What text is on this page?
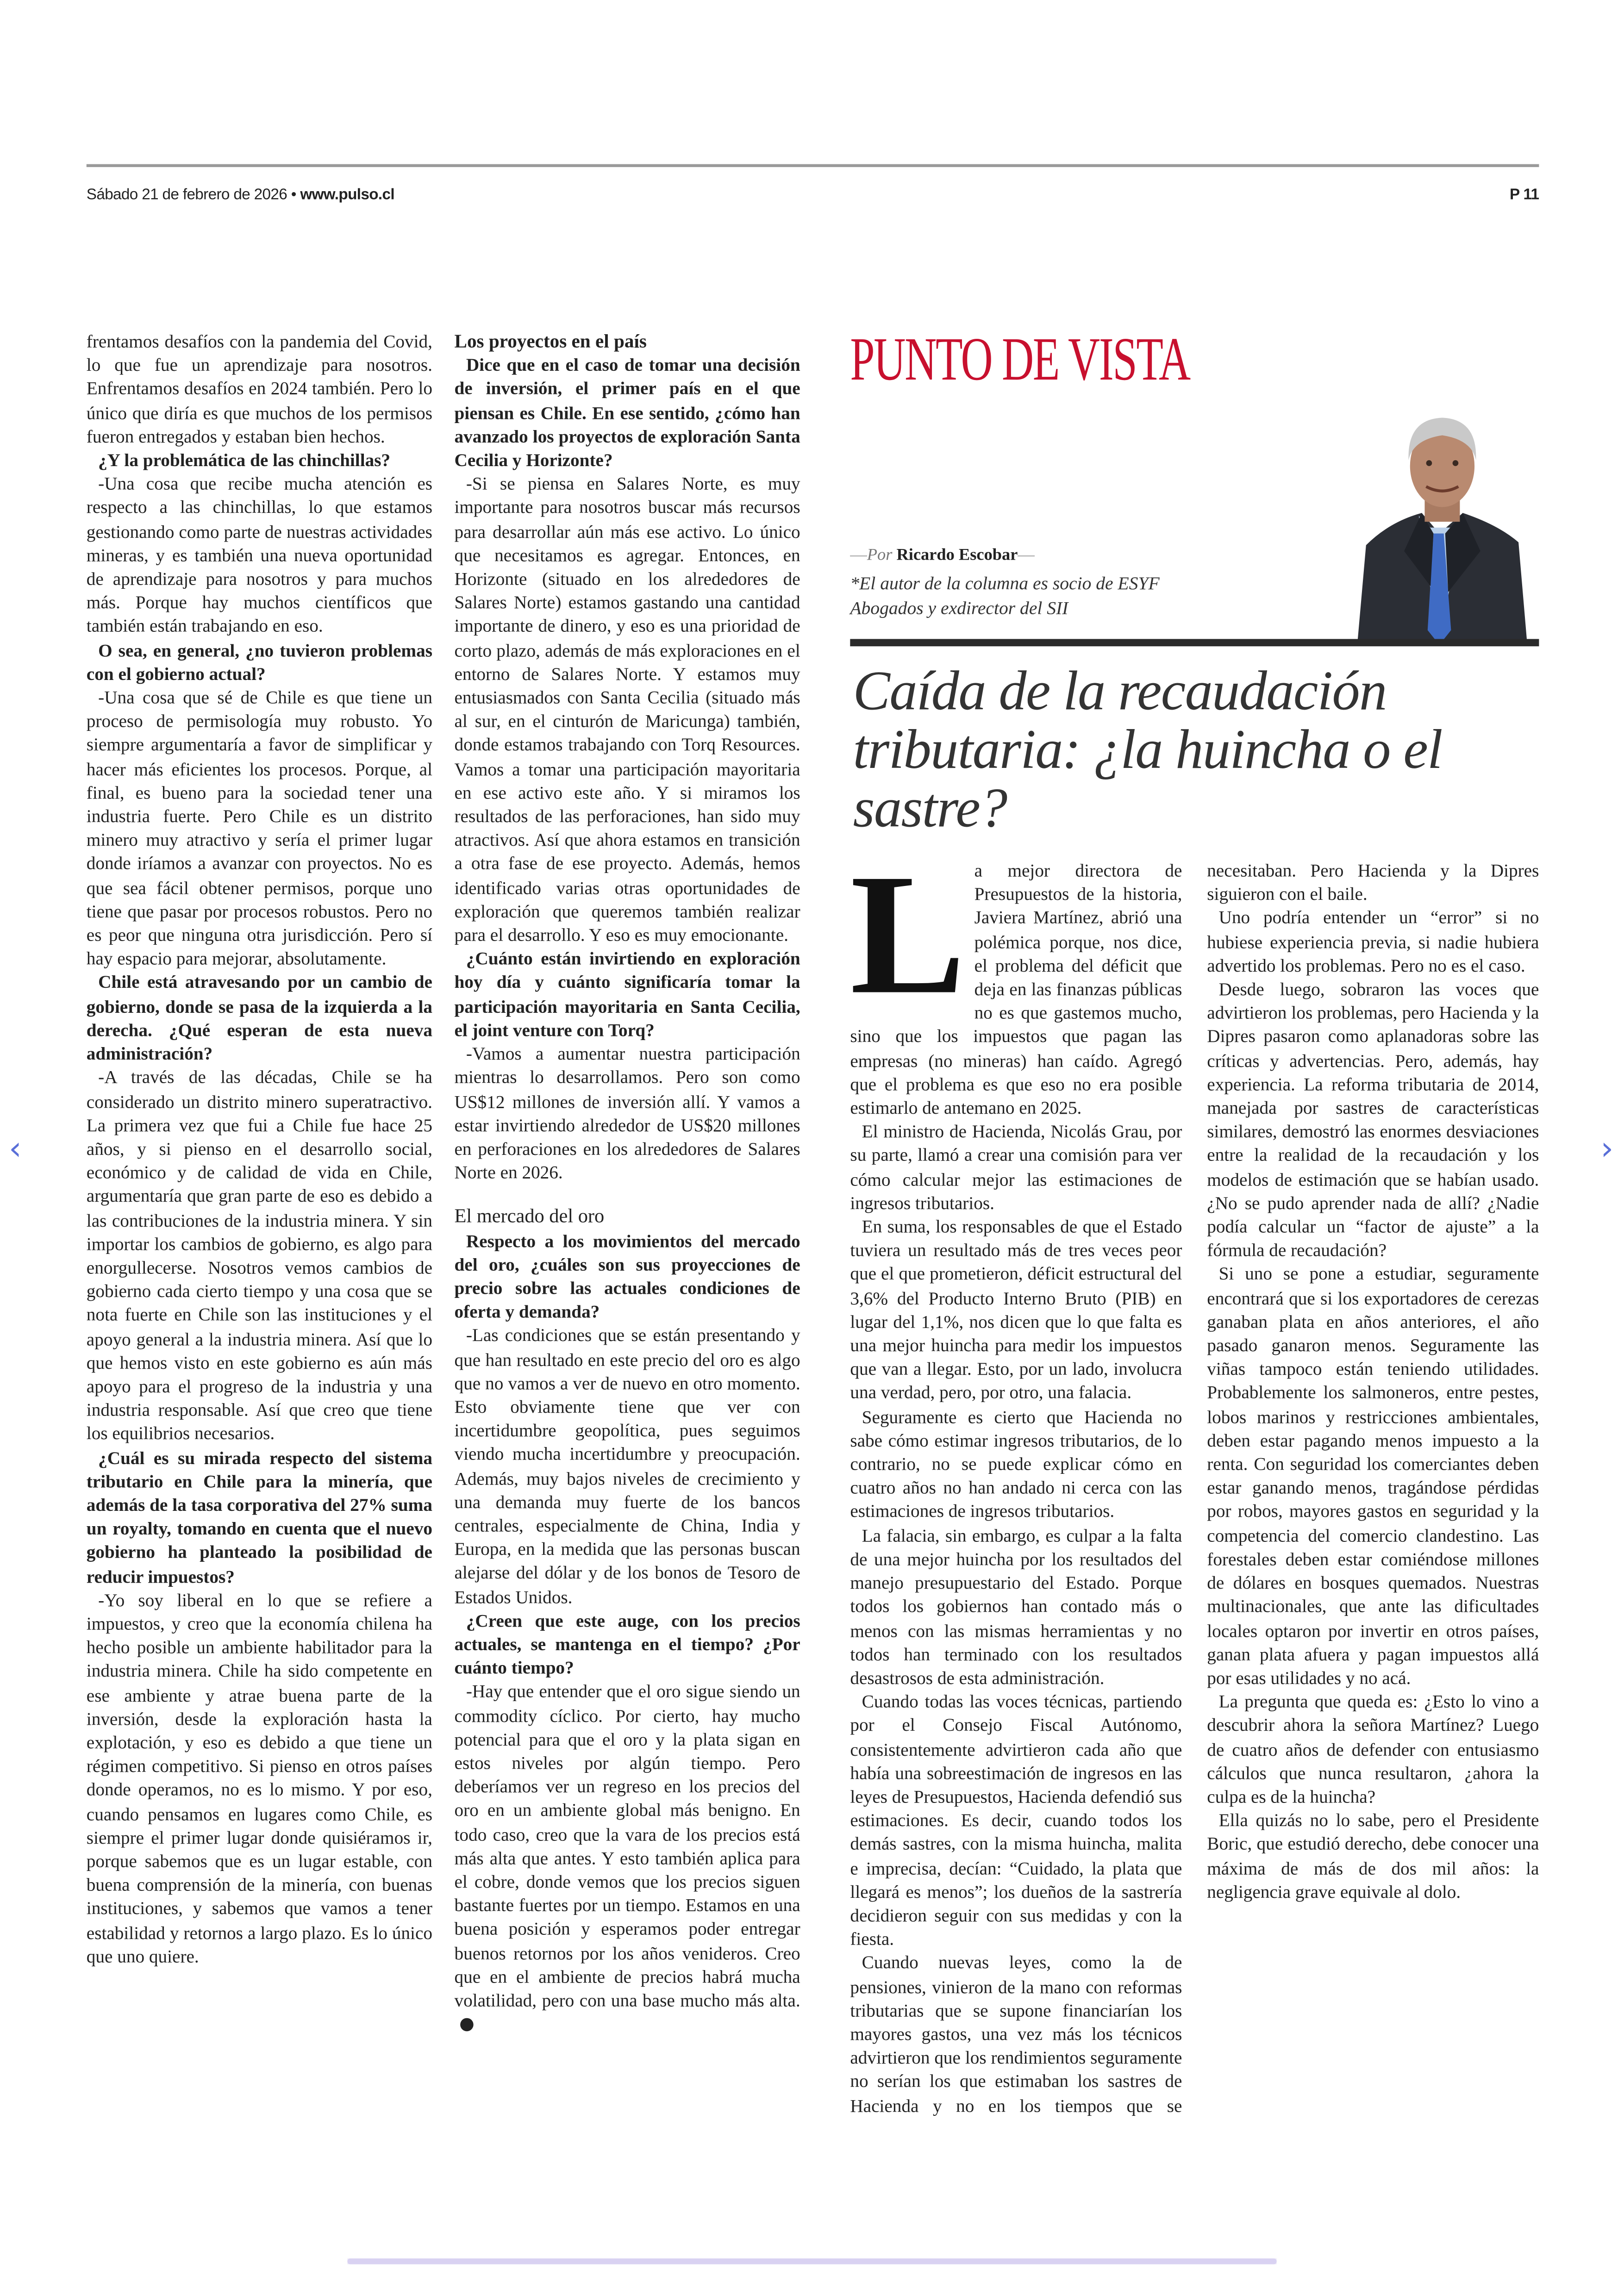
Sábado 21 de febrero de 2026 • www.pulso.cl	P 11

frentamos desafíos con la pandemia del Covid, lo que fue un aprendizaje para nosotros. Enfrentamos desafíos en 2024 también. Pero lo único que diría es que muchos de los permisos fueron entregados y estaban bien hechos.

¿Y la problemática de las chinchillas?

-Una cosa que recibe mucha atención es respecto a las chinchillas, lo que estamos gestionando como parte de nuestras actividades mineras, y es también una nueva oportunidad de aprendizaje para nosotros y para muchos más. Porque hay muchos científicos que también están trabajando en eso.

O sea, en general, ¿no tuvieron problemas con el gobierno actual?

-Una cosa que sé de Chile es que tiene un proceso de permisología muy robusto. Yo siempre argumentaría a favor de simplificar y hacer más eficientes los procesos. Porque, al final, es bueno para la sociedad tener una industria fuerte. Pero Chile es un distrito minero muy atractivo y sería el primer lugar donde iríamos a avanzar con proyectos. No es que sea fácil obtener permisos, porque uno tiene que pasar por procesos robustos. Pero no es peor que ninguna otra jurisdicción. Pero sí hay espacio para mejorar, absolutamente.

Chile está atravesando por un cambio de gobierno, donde se pasa de la izquierda a la derecha. ¿Qué esperan de esta nueva administración?

-A través de las décadas, Chile se ha considerado un distrito minero superatractivo. La primera vez que fui a Chile fue hace 25 años, y si pienso en el desarrollo social, económico y de calidad de vida en Chile, argumentaría que gran parte de eso es debido a las contribuciones de la industria minera. Y sin importar los cambios de gobierno, es algo para enorgullecerse. Nosotros vemos cambios de gobierno cada cierto tiempo y una cosa que se nota fuerte en Chile son las instituciones y el apoyo general a la industria minera. Así que lo que hemos visto en este gobierno es aún más apoyo para el progreso de la industria y una industria responsable. Así que creo que tiene los equilibrios necesarios.

¿Cuál es su mirada respecto del sistema tributario en Chile para la minería, que además de la tasa corporativa del 27% suma un royalty, tomando en cuenta que el nuevo gobierno ha planteado la posibilidad de reducir impuestos?

-Yo soy liberal en lo que se refiere a impuestos, y creo que la economía chilena ha hecho posible un ambiente habilitador para la industria minera. Chile ha sido competente en ese ambiente y atrae buena parte de la inversión, desde la exploración hasta la explotación, y eso es debido a que tiene un régimen competitivo. Si pienso en otros países donde operamos, no es lo mismo. Y por eso, cuando pensamos en lugares como Chile, es siempre el primer lugar donde quisiéramos ir, porque sabemos que es un lugar estable, con buena comprensión de la minería, con buenas instituciones, y sabemos que vamos a tener estabilidad y retornos a largo plazo. Es lo único que uno quiere.

Los proyectos en el país

Dice que en el caso de tomar una decisión de inversión, el primer país en el que piensan es Chile. En ese sentido, ¿cómo han avanzado los proyectos de exploración Santa Cecilia y Horizonte?

-Si se piensa en Salares Norte, es muy importante para nosotros buscar más recursos para desarrollar aún más ese activo. Lo único que necesitamos es agregar. Entonces, en Horizonte (situado en los alrededores de Salares Norte) estamos gastando una cantidad importante de dinero, y eso es una prioridad de corto plazo, además de más exploraciones en el entorno de Salares Norte. Y estamos muy entusiasmados con Santa Cecilia (situado más al sur, en el cinturón de Maricunga) también, donde estamos trabajando con Torq Resources. Vamos a tomar una participación mayoritaria en ese activo este año. Y si miramos los resultados de las perforaciones, han sido muy atractivos. Así que ahora estamos en transición a otra fase de ese proyecto. Además, hemos identificado varias otras oportunidades de exploración que queremos también realizar para el desarrollo. Y eso es muy emocionante.

¿Cuánto están invirtiendo en exploración hoy día y cuánto significaría tomar la participación mayoritaria en Santa Cecilia, el joint venture con Torq?

-Vamos a aumentar nuestra participación mientras lo desarrollamos. Pero son como US$12 millones de inversión allí. Y vamos a estar invirtiendo alrededor de US$20 millones en perforaciones en los alrededores de Salares Norte en 2026.

El mercado del oro

Respecto a los movimientos del mercado del oro, ¿cuáles son sus proyecciones de precio sobre las actuales condiciones de oferta y demanda?

-Las condiciones que se están presentando y que han resultado en este precio del oro es algo que no vamos a ver de nuevo en otro momento. Esto obviamente tiene que ver con incertidumbre geopolítica, pues seguimos viendo mucha incertidumbre y preocupación. Además, muy bajos niveles de crecimiento y una demanda muy fuerte de los bancos centrales, especialmente de China, India y Europa, en la medida que las personas buscan alejarse del dólar y de los bonos de Tesoro de Estados Unidos.

¿Creen que este auge, con los precios actuales, se mantenga en el tiempo? ¿Por cuánto tiempo?

-Hay que entender que el oro sigue siendo un commodity cíclico. Por cierto, hay mucho potencial para que el oro y la plata sigan en estos niveles por algún tiempo. Pero deberíamos ver un regreso en los precios del oro en un ambiente global más benigno. En todo caso, creo que la vara de los precios está más alta que antes. Y esto también aplica para el cobre, donde vemos que los precios siguen bastante fuertes por un tiempo. Estamos en una buena posición y esperamos poder entregar buenos retornos por los años venideros. Creo que en el ambiente de precios habrá mucha volatilidad, pero con una base mucho más alta.

PUNTO DE VISTA
—Por Ricardo Escobar—
*El autor de la columna es socio de ESYF
Abogados y exdirector del SII
Caída de la recaudación tributaria: ¿la huincha o el sastre?

L a mejor directora de Presupuestos de la historia, Javiera Martínez, abrió una polémica porque, nos dice, el problema del déficit que deja en las finanzas públicas no es que gastemos mucho, sino que los impuestos que pagan las empresas (no mineras) han caído. Agregó que el problema es que eso no era posible estimarlo de antemano en 2025.

El ministro de Hacienda, Nicolás Grau, por su parte, llamó a crear una comisión para ver cómo calcular mejor las estimaciones de ingresos tributarios.

En suma, los responsables de que el Estado tuviera un resultado más de tres veces peor que el que prometieron, déficit estructural del 3,6% del Producto Interno Bruto (PIB) en lugar del 1,1%, nos dicen que lo que falta es una mejor huincha para medir los impuestos que van a llegar. Esto, por un lado, involucra una verdad, pero, por otro, una falacia.

Seguramente es cierto que Hacienda no sabe cómo estimar ingresos tributarios, de lo contrario, no se puede explicar cómo en cuatro años no han andado ni cerca con las estimaciones de ingresos tributarios.

La falacia, sin embargo, es culpar a la falta de una mejor huincha por los resultados del manejo presupuestario del Estado. Porque todos los gobiernos han contado más o menos con las mismas herramientas y no todos han terminado con los resultados desastrosos de esta administración.

Cuando todas las voces técnicas, partiendo por el Consejo Fiscal Autónomo, consistentemente advirtieron cada año que había una sobreestimación de ingresos en las leyes de Presupuestos, Hacienda defendió sus estimaciones. Es decir, cuando todos los demás sastres, con la misma huincha, malita e imprecisa, decían: “Cuidado, la plata que llegará es menos”; los dueños de la sastrería decidieron seguir con sus medidas y con la fiesta.

Cuando nuevas leyes, como la de pensiones, vinieron de la mano con reformas tributarias que se supone financiarían los mayores gastos, una vez más los técnicos advirtieron que los rendimientos seguramente no serían los que estimaban los sastres de Hacienda y no en los tiempos que se necesitaban. Pero Hacienda y la Dipres siguieron con el baile.

Uno podría entender un “error” si no hubiese experiencia previa, si nadie hubiera advertido los problemas. Pero no es el caso.

Desde luego, sobraron las voces que advirtieron los problemas, pero Hacienda y la Dipres pasaron como aplanadoras sobre las críticas y advertencias. Pero, además, hay experiencia. La reforma tributaria de 2014, manejada por sastres de características similares, demostró las enormes desviaciones entre la realidad de la recaudación y los modelos de estimación que se habían usado. ¿No se pudo aprender nada de allí? ¿Nadie podía calcular un “factor de ajuste” a la fórmula de recaudación?

Si uno se pone a estudiar, seguramente encontrará que si los exportadores de cerezas ganaban plata en años anteriores, el año pasado ganaron menos. Seguramente las viñas tampoco están teniendo utilidades. Probablemente los salmoneros, entre pestes, lobos marinos y restricciones ambientales, deben estar pagando menos impuesto a la renta. Con seguridad los comerciantes deben estar ganando menos, tragándose pérdidas por robos, mayores gastos en seguridad y la competencia del comercio clandestino. Las forestales deben estar comiéndose millones de dólares en bosques quemados. Nuestras multinacionales, que ante las dificultades locales optaron por invertir en otros países, ganan plata afuera y pagan impuestos allá por esas utilidades y no acá.

La pregunta que queda es: ¿Esto lo vino a descubrir ahora la señora Martínez? Luego de cuatro años de defender con entusiasmo cálculos que nunca resultaron, ¿ahora la culpa es de la huincha?

Ella quizás no lo sabe, pero el Presidente Boric, que estudió derecho, debe conocer una máxima de más de dos mil años: la negligencia grave equivale al dolo.

‹	›
